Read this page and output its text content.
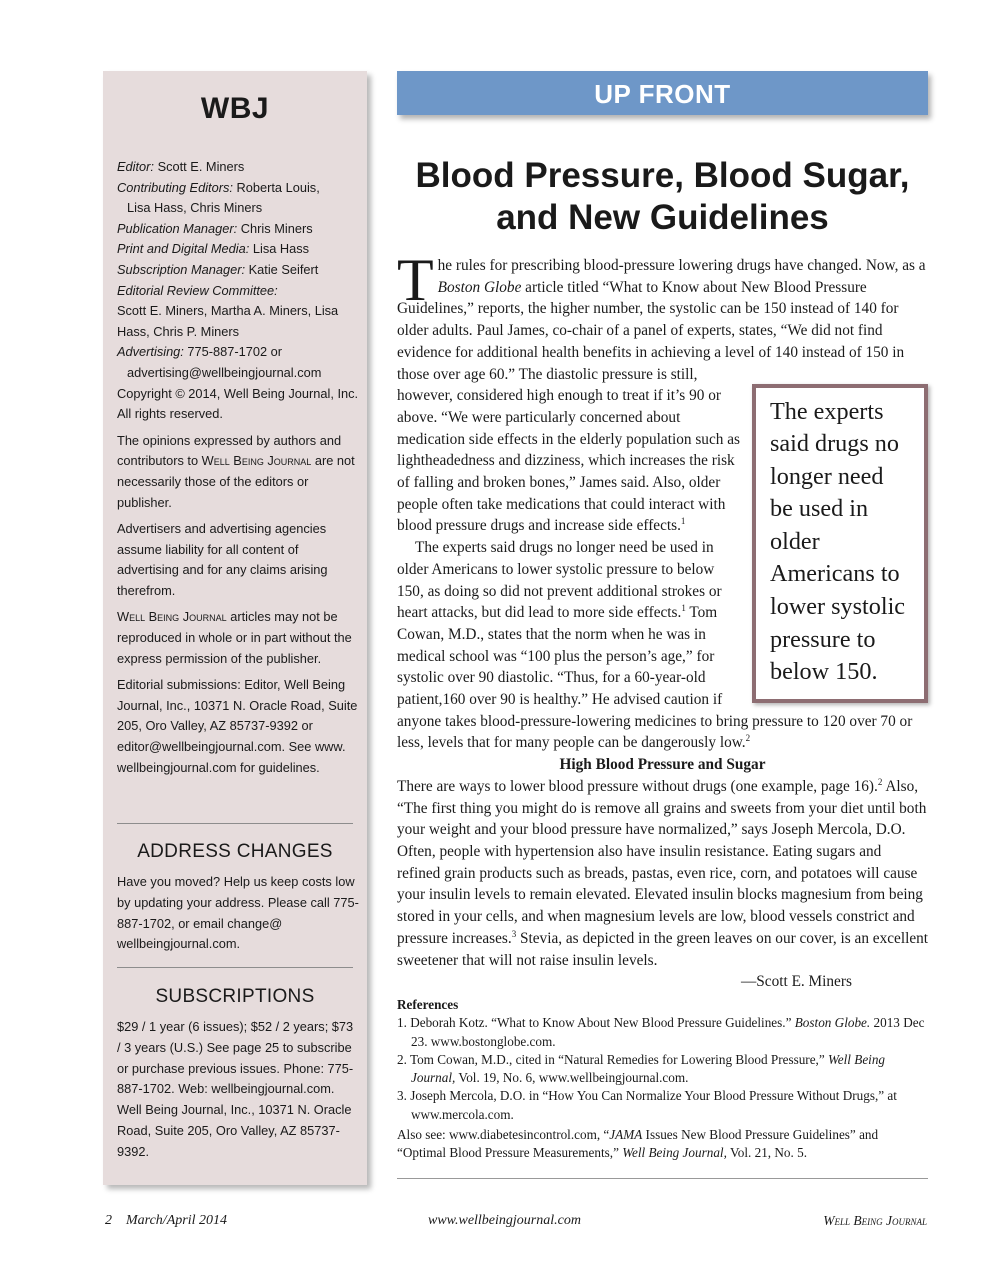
WBJ

Editor: Scott E. Miners
Contributing Editors: Roberta Louis,
Lisa Hass, Chris Miners
Publication Manager: Chris Miners
Print and Digital Media: Lisa Hass
Subscription Manager: Katie Seifert
Editorial Review Committee:
Scott E. Miners, Martha A. Miners, Lisa Hass, Chris P. Miners
Advertising: 775-887-1702 or
advertising@wellbeingjournal.com
Copyright © 2014, Well Being Journal, Inc. All rights reserved.

The opinions expressed by authors and contributors to Well Being Journal are not necessarily those of the editors or publisher.

Advertisers and advertising agencies assume liability for all content of advertising and for any claims arising therefrom.

Well Being Journal articles may not be reproduced in whole or in part without the express permission of the publisher.

Editorial submissions: Editor, Well Being Journal, Inc., 10371 N. Oracle Road, Suite 205, Oro Valley, AZ 85737-9392 or editor@wellbeingjournal.com. See www. wellbeingjournal.com for guidelines.

ADDRESS CHANGES

Have you moved? Help us keep costs low by updating your address. Please call 775-887-1702, or email change@ wellbeingjournal.com.

SUBSCRIPTIONS

$29 / 1 year (6 issues); $52 / 2 years; $73 / 3 years (U.S.) See page 25 to subscribe or purchase previous issues. Phone: 775-887-1702. Web: wellbeingjournal.com. Well Being Journal, Inc., 10371 N. Oracle Road, Suite 205, Oro Valley, AZ 85737-9392.

UP FRONT
Blood Pressure, Blood Sugar,
and New Guidelines

The rules for prescribing blood-pressure lowering drugs have changed. Now, as a Boston Globe article titled “What to Know about New Blood Pressure Guidelines,” reports, the higher number, the systolic can be 150 instead of 140 for older adults. Paul James, co-chair of a panel of experts, states, “We did not find evidence for additional health benefits in achieving a level of 140 instead of 150 in those over
The experts said drugs no longer need be used in older Americans to lower systolic pressure to below 150.
age 60.” The diastolic pressure is still, however, considered high enough to treat if it’s 90 or above. “We were particularly concerned about medication side effects in the elderly population such as lightheadedness and dizziness, which increases the risk of falling and broken bones,” James said. Also, older people often take medications that could interact with blood pressure drugs and increase side effects.$^1$

The experts said drugs no longer need be used in older Americans to lower systolic pressure to below 150, as doing so did not prevent additional strokes or heart attacks, but did lead to more side effects.$^1$ Tom Cowan, M.D., states that the norm when he was in medical school was “100 plus the person’s age,” for systolic over 90 diastolic. “Thus, for a 60-year-old patient,160 over 90 is healthy.” He advised caution if anyone takes blood-pressure-lowering medicines to bring pressure to 120 over 70 or less, levels that for many people can be dangerously low.$^2$

High Blood Pressure and Sugar

There are ways to lower blood pressure without drugs (one example, page 16).$^2$ Also, “The first thing you might do is remove all grains and sweets from your diet until both your weight and your blood pressure have normalized,” says Joseph Mercola, D.O. Often, people with hypertension also have insulin resistance. Eating sugars and refined grain products such as breads, pastas, even rice, corn, and potatoes will cause your insulin levels to remain elevated. Elevated insulin blocks magnesium from being stored in your cells, and when magnesium levels are low, blood vessels constrict and pressure increases.$^3$ Stevia, as depicted in the green leaves on our cover, is an excellent sweetener that will not raise insulin levels.

—Scott E. Miners

References

1. Deborah Kotz. “What to Know About New Blood Pressure Guidelines.” Boston Globe. 2013 Dec 23. www.bostonglobe.com.

2. Tom Cowan, M.D., cited in “Natural Remedies for Lowering Blood Pressure,” Well Being Journal, Vol. 19, No. 6, www.wellbeingjournal.com.

3. Joseph Mercola, D.O. in “How You Can Normalize Your Blood Pressure Without Drugs,” at www.mercola.com.

Also see: www.diabetesincontrol.com, “JAMA Issues New Blood Pressure Guidelines” and “Optimal Blood Pressure Measurements,” Well Being Journal, Vol. 21, No. 5.

2 March/April 2014	www.wellbeingjournal.com	Well Being Journal
